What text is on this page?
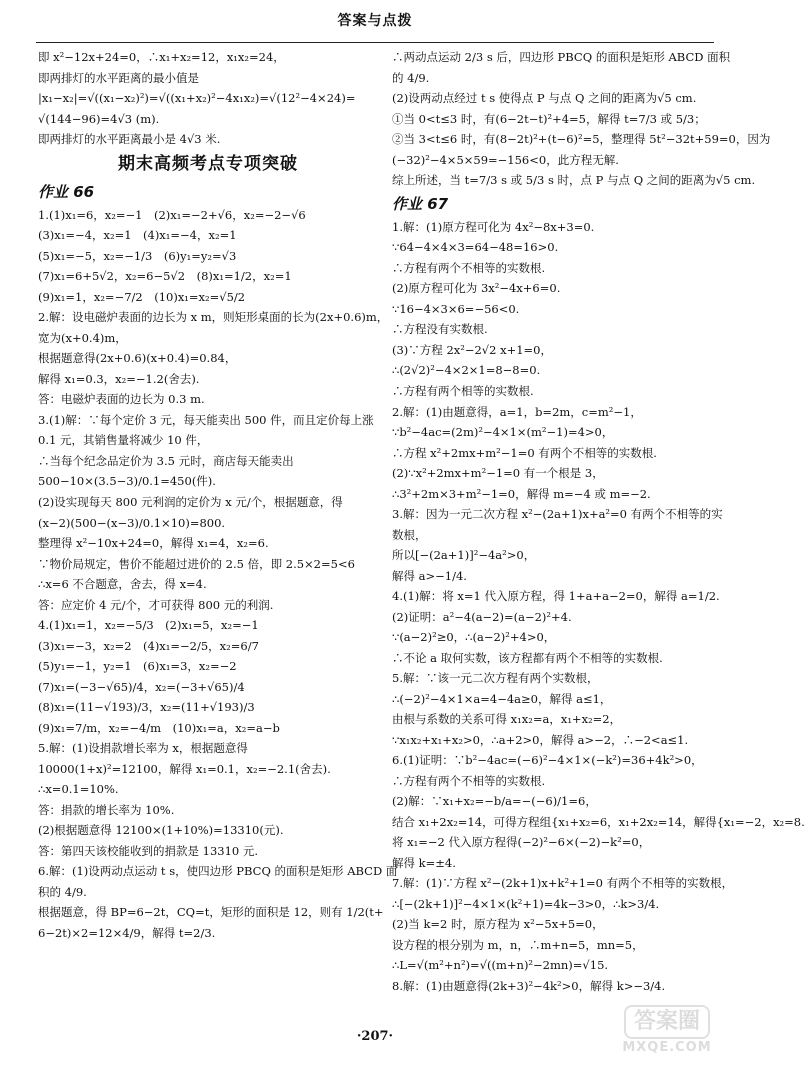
答案与点拨
即 x²−12x+24=0，∴x₁+x₂=12，x₁x₂=24，
即两排灯的水平距离的最小值是
|x₁−x₂|=√((x₁−x₂)²)=√((x₁+x₂)²−4x₁x₂)=√(12²−4×24)=
√(144−96)=4√3 (m).
即两排灯的水平距离最小是 4√3 米.
期末高频考点专项突破
作业 66
1.(1)x₁=6，x₂=−1　(2)x₁=−2+√6，x₂=−2−√6
(3)x₁=−4，x₂=1　(4)x₁=−4，x₂=1
(5)x₁=−5，x₂=−1/3　(6)y₁=y₂=√3
(7)x₁=6+5√2，x₂=6−5√2　(8)x₁=1/2，x₂=1
(9)x₁=1，x₂=−7/2　(10)x₁=x₂=√5/2
2.解：设电磁炉表面的边长为 x m，则矩形桌面的长为(2x+0.6)m，
宽为(x+0.4)m，
根据题意得(2x+0.6)(x+0.4)=0.84，
解得 x₁=0.3，x₂=−1.2(舍去).
答：电磁炉表面的边长为 0.3 m.
3.(1)解：∵每个定价 3 元，每天能卖出 500 件，而且定价每上涨
0.1 元，其销售量将减少 10 件，
∴当每个纪念品定价为 3.5 元时，商店每天能卖出
500−10×(3.5−3)/0.1=450(件).
(2)设实现每天 800 元利润的定价为 x 元/个，根据题意，得
(x−2)(500−(x−3)/0.1×10)=800.
整理得 x²−10x+24=0，解得 x₁=4，x₂=6.
∵物价局规定，售价不能超过进价的 2.5 倍，即 2.5×2=5<6
∴x=6 不合题意，舍去，得 x=4.
答：应定价 4 元/个，才可获得 800 元的利润.
4.(1)x₁=1，x₂=−5/3　(2)x₁=5，x₂=−1
(3)x₁=−3，x₂=2　(4)x₁=−2/5，x₂=6/7
(5)y₁=−1，y₂=1　(6)x₁=3，x₂=−2
(7)x₁=(−3−√65)/4，x₂=(−3+√65)/4
(8)x₁=(11−√193)/3，x₂=(11+√193)/3
(9)x₁=7/m，x₂=−4/m　(10)x₁=a，x₂=a−b
5.解：(1)设捐款增长率为 x，根据题意得
10000(1+x)²=12100，解得 x₁=0.1，x₂=−2.1(舍去).
∴x=0.1=10%.
答：捐款的增长率为 10%.
(2)根据题意得 12100×(1+10%)=13310(元).
答：第四天该校能收到的捐款是 13310 元.
6.解：(1)设两动点运动 t s，使四边形 PBCQ 的面积是矩形 ABCD 面
积的 4/9.
根据题意，得 BP=6−2t，CQ=t，矩形的面积是 12，则有 1/2(t+
6−2t)×2=12×4/9，解得 t=2/3.
∴两动点运动 2/3 s 后，四边形 PBCQ 的面积是矩形 ABCD 面积
的 4/9.
(2)设两动点经过 t s 使得点 P 与点 Q 之间的距离为√5 cm.
①当 0<t≤3 时，有(6−2t−t)²+4=5，解得 t=7/3 或 5/3；
②当 3<t≤6 时，有(8−2t)²+(t−6)²=5，整理得 5t²−32t+59=0，因为
(−32)²−4×5×59=−156<0，此方程无解.
综上所述，当 t=7/3 s 或 5/3 s 时，点 P 与点 Q 之间的距离为√5 cm.
作业 67
1.解：(1)原方程可化为 4x²−8x+3=0.
∵64−4×4×3=64−48=16>0.
∴方程有两个不相等的实数根.
(2)原方程可化为 3x²−4x+6=0.
∵16−4×3×6=−56<0.
∴方程没有实数根.
(3)∵方程 2x²−2√2 x+1=0，
∴(2√2)²−4×2×1=8−8=0.
∴方程有两个相等的实数根.
2.解：(1)由题意得，a=1，b=2m，c=m²−1，
∵b²−4ac=(2m)²−4×1×(m²−1)=4>0，
∴方程 x²+2mx+m²−1=0 有两个不相等的实数根.
(2)∵x²+2mx+m²−1=0 有一个根是 3，
∴3²+2m×3+m²−1=0，解得 m=−4 或 m=−2.
3.解：因为一元二次方程 x²−(2a+1)x+a²=0 有两个不相等的实
数根，
所以[−(2a+1)]²−4a²>0，
解得 a>−1/4.
4.(1)解：将 x=1 代入原方程，得 1+a+a−2=0，解得 a=1/2.
(2)证明：a²−4(a−2)=(a−2)²+4.
∵(a−2)²≥0，∴(a−2)²+4>0，
∴不论 a 取何实数，该方程都有两个不相等的实数根.
5.解：∵该一元二次方程有两个实数根，
∴(−2)²−4×1×a=4−4a≥0，解得 a≤1，
由根与系数的关系可得 x₁x₂=a，x₁+x₂=2，
∵x₁x₂+x₁+x₂>0，∴a+2>0，解得 a>−2，∴−2<a≤1.
6.(1)证明：∵b²−4ac=(−6)²−4×1×(−k²)=36+4k²>0，
∴方程有两个不相等的实数根.
(2)解：∵x₁+x₂=−b/a=−(−6)/1=6，
结合 x₁+2x₂=14，可得方程组{x₁+x₂=6，x₁+2x₂=14，解得{x₁=−2，x₂=8.
将 x₁=−2 代入原方程得(−2)²−6×(−2)−k²=0，
解得 k=±4.
7.解：(1)∵方程 x²−(2k+1)x+k²+1=0 有两个不相等的实数根，
∴[−(2k+1)]²−4×1×(k²+1)=4k−3>0，∴k>3/4.
(2)当 k=2 时，原方程为 x²−5x+5=0，
设方程的根分别为 m，n，∴m+n=5，mn=5，
∴L=√(m²+n²)=√((m+n)²−2mn)=√15.
8.解：(1)由题意得(2k+3)²−4k²>0，解得 k>−3/4.
·207·
答案圈
MXQE.COM
